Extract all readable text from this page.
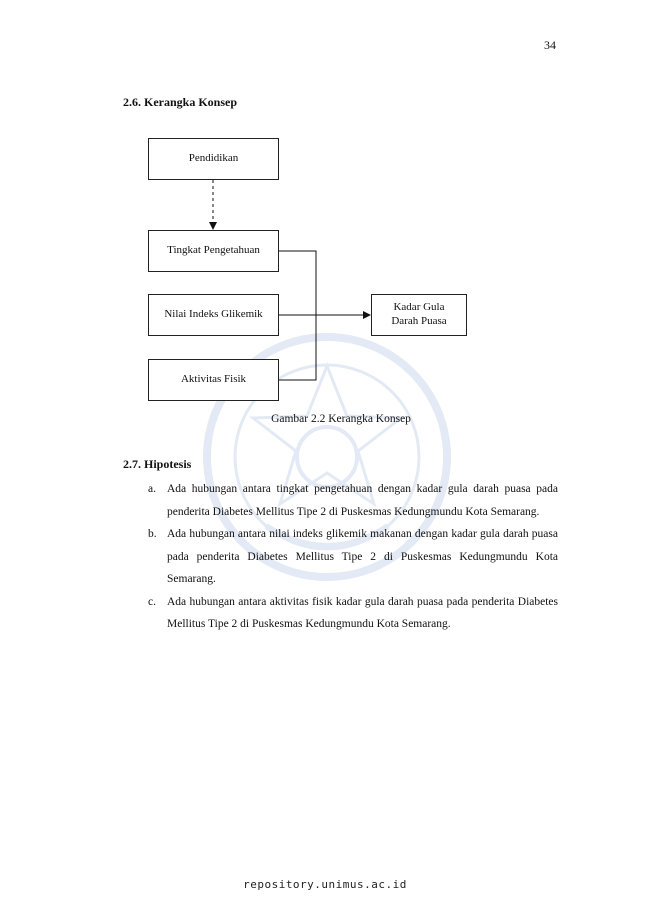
34
2.6. Kerangka Konsep
Pendidikan
Tingkat Pengetahuan
Nilai Indeks Glikemik
Aktivitas Fisik
Kadar Gula
Darah Puasa
Gambar 2.2 Kerangka Konsep
2.7. Hipotesis
a. Ada hubungan antara tingkat pengetahuan dengan kadar gula darah puasa pada penderita Diabetes Mellitus Tipe 2 di Puskesmas Kedungmundu Kota Semarang.
b. Ada hubungan antara nilai indeks glikemik makanan dengan kadar gula darah puasa pada penderita Diabetes Mellitus Tipe 2 di Puskesmas Kedungmundu Kota Semarang.
c. Ada hubungan antara aktivitas fisik kadar gula darah puasa pada penderita Diabetes Mellitus Tipe 2 di Puskesmas Kedungmundu Kota Semarang.
repository.unimus.ac.id
